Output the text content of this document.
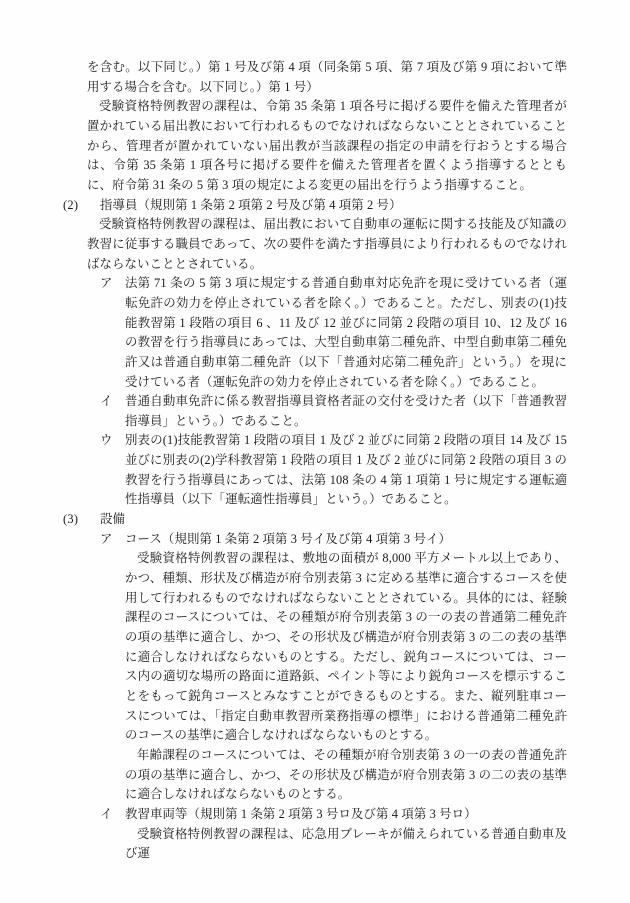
を含む。以下同じ。）第 1 号及び第 4 項（同条第 5 項、第 7 項及び第 9 項において準用する場合を含む。以下同じ。）第 1 号）

受験資格特例教習の課程は、令第 35 条第 1 項各号に掲げる要件を備えた管理者が置かれている届出教において行われるものでなければならないこととされていることから、管理者が置かれていない届出教が当該課程の指定の申請を行おうとする場合は、令第 35 条第 1 項各号に掲げる要件を備えた管理者を置くよう指導するとともに、府令第 31 条の 5 第 3 項の規定による変更の届出を行うよう指導すること。

(2)	指導員（規則第 1 条第 2 項第 2 号及び第 4 項第 2 号）

受験資格特例教習の課程は、届出教において自動車の運転に関する技能及び知識の教習に従事する職員であって、次の要件を満たす指導員により行われるものでなければならないこととされている。

ア	法第 71 条の 5 第 3 項に規定する普通自動車対応免許を現に受けている者（運転免許の効力を停止されている者を除く。）であること。ただし、別表の(1)技能教習第 1 段階の項目 6 、11 及び 12 並びに同第 2 段階の項目 10、12 及び 16 の教習を行う指導員にあっては、大型自動車第二種免許、中型自動車第二種免許又は普通自動車第二種免許（以下「普通対応第二種免許」という。）を現に受けている者（運転免許の効力を停止されている者を除く。）であること。
イ	普通自動車免許に係る教習指導員資格者証の交付を受けた者（以下「普通教習指導員」という。）であること。
ウ	別表の(1)技能教習第 1 段階の項目 1 及び 2 並びに同第 2 段階の項目 14 及び 15 並びに別表の(2)学科教習第 1 段階の項目 1 及び 2 並びに同第 2 段階の項目 3 の教習を行う指導員にあっては、法第 108 条の 4 第 1 項第 1 号に規定する運転適性指導員（以下「運転適性指導員」という。）であること。
(3)	設備
ア	コース（規則第 1 条第 2 項第 3 号イ及び第 4 項第 3 号イ）

受験資格特例教習の課程は、敷地の面積が 8,000 平方メートル以上であり、かつ、種類、形状及び構造が府令別表第 3 に定める基準に適合するコースを使用して行われるものでなければならないこととされている。具体的には、経験課程のコースについては、その種類が府令別表第 3 の一の表の普通第二種免許の項の基準に適合し、かつ、その形状及び構造が府令別表第 3 の二の表の基準に適合しなければならないものとする。ただし、鋭角コースについては、コース内の適切な場所の路面に道路鋲、ペイント等により鋭角コースを標示することをもって鋭角コースとみなすことができるものとする。また、縦列駐車コースについては、「指定自動車教習所業務指導の標準」における普通第二種免許のコースの基準に適合しなければならないものとする。

年齢課程のコースについては、その種類が府令別表第 3 の一の表の普通免許の項の基準に適合し、かつ、その形状及び構造が府令別表第 3 の二の表の基準に適合しなければならないものとする。

イ	教習車両等（規則第 1 条第 2 項第 3 号ロ及び第 4 項第 3 号ロ）

受験資格特例教習の課程は、応急用ブレーキが備えられている普通自動車及び運
